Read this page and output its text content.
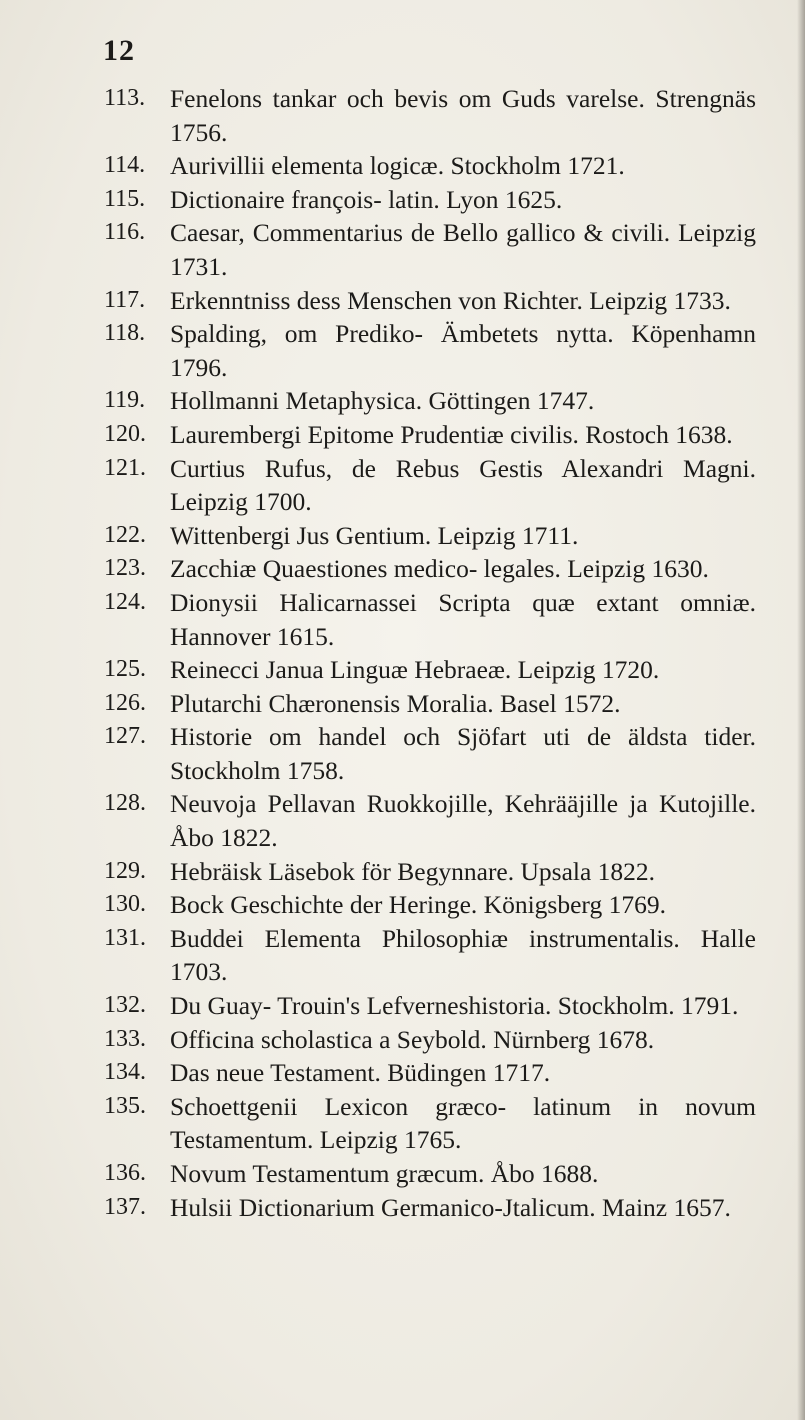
12
113. Fenelons tankar och bevis om Guds varelse. Strengnäs 1756.
114. Aurivillii elementa logicæ. Stockholm 1721.
115. Dictionaire françois- latin. Lyon 1625.
116. Caesar, Commentarius de Bello gallico & civili. Leipzig 1731.
117. Erkenntniss dess Menschen von Richter. Leipzig 1733.
118. Spalding, om Prediko- Ämbetets nytta. Köpenhamn 1796.
119. Hollmanni Metaphysica. Göttingen 1747.
120. Laurembergi Epitome Prudentiæ civilis. Rostoch 1638.
121. Curtius Rufus, de Rebus Gestis Alexandri Magni. Leipzig 1700.
122. Wittenbergi Jus Gentium. Leipzig 1711.
123. Zacchiæ Quaestiones medico- legales. Leipzig 1630.
124. Dionysii Halicarnassei Scripta quæ extant omniæ. Hannover 1615.
125. Reinecci Janua Linguæ Hebraeæ. Leipzig 1720.
126. Plutarchi Chæronensis Moralia. Basel 1572.
127. Historie om handel och Sjöfart uti de äldsta tider. Stockholm 1758.
128. Neuvoja Pellavan Ruokkojille, Kehrääjille ja Kutojille. Åbo 1822.
129. Hebräisk Läsebok för Begynnare. Upsala 1822.
130. Bock Geschichte der Heringe. Königsberg 1769.
131. Buddei Elementa Philosophiæ instrumentalis. Halle 1703.
132. Du Guay- Trouin's Lefverneshistoria. Stockholm. 1791.
133. Officina scholastica a Seybold. Nürnberg 1678.
134. Das neue Testament. Büdingen 1717.
135. Schoettgenii Lexicon græco- latinum in novum Testamentum. Leipzig 1765.
136. Novum Testamentum græcum. Åbo 1688.
137. Hulsii Dictionarium Germanico-Jtalicum. Mainz 1657.
